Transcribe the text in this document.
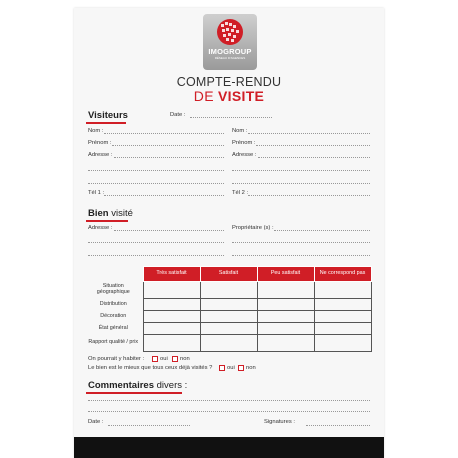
IMOGROUP
RÉSEAU D'AGENCES
COMPTE-RENDU
DE VISITE
Visiteurs	Date :
Nom :
Prénom :
Adresse :
Tél 1 :
Nom :
Prénom :
Adresse :
Tél 2 :
Bien visité
Adresse :	Propriétaire (s) :
	Très satisfait	Satisfait	Peu satisfait	Ne correspond pas
Situation géographique				
Distribution				
Décoration				
État général				
Rapport qualité / prix				
On pourrait y habiter :	oui non
Le bien est le mieux que tous ceux déjà visités ?	oui non
Commentaires divers :
Date :	Signatures :
